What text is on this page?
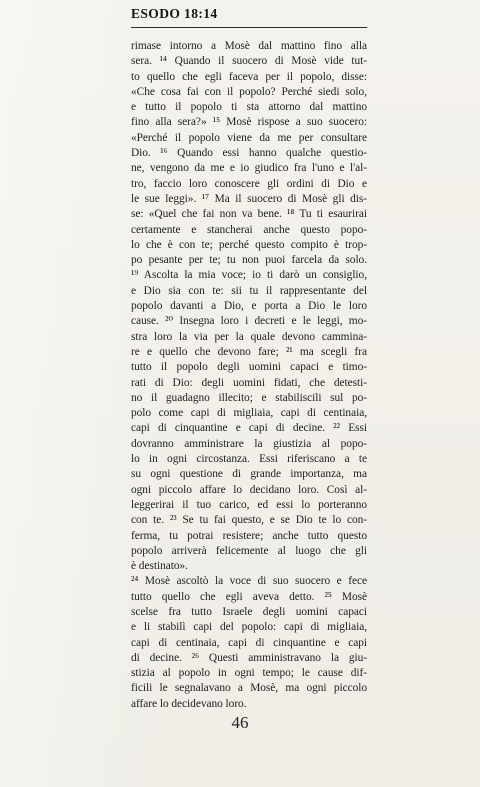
ESODO 18:14
rimase intorno a Mosè dal mattino fino alla
sera. ¹⁴ Quando il suocero di Mosè vide tut-
to quello che egli faceva per il popolo, disse:
«Che cosa fai con il popolo? Perché siedi solo,
e tutto il popolo ti sta attorno dal mattino
fino alla sera?» ¹⁵ Mosè rispose a suo suocero:
«Perché il popolo viene da me per consultare
Dio. ¹⁶ Quando essi hanno qualche questio-
ne, vengono da me e io giudico fra l'uno e l'al-
tro, faccio loro conoscere gli ordini di Dio e
le sue leggi». ¹⁷ Ma il suocero di Mosè gli dis-
se: «Quel che fai non va bene. ¹⁸ Tu ti esaurirai
certamente e stancherai anche questo popo-
lo che è con te; perché questo compito è trop-
po pesante per te; tu non puoi farcela da solo.
¹⁹ Ascolta la mia voce; io ti darò un consiglio,
e Dio sia con te: sii tu il rappresentante del
popolo davanti a Dio, e porta a Dio le loro
cause. ²⁰ Insegna loro i decreti e le leggi, mo-
stra loro la via per la quale devono cammina-
re e quello che devono fare; ²¹ ma scegli fra
tutto il popolo degli uomini capaci e timo-
rati di Dio: degli uomini fidati, che detesti-
no il guadagno illecito; e stabiliscili sul po-
polo come capi di migliaia, capi di centinaia,
capi di cinquantine e capi di decine. ²² Essi
dovranno amministrare la giustizia al popo-
lo in ogni circostanza. Essi riferiscano a te
su ogni questione di grande importanza, ma
ogni piccolo affare lo decidano loro. Così al-
leggerirai il tuo carico, ed essi lo porteranno
con te. ²³ Se tu fai questo, e se Dio te lo con-
ferma, tu potrai resistere; anche tutto questo
popolo arriverà felicemente al luogo che gli
è destinato».
²⁴ Mosè ascoltò la voce di suo suocero e fece
tutto quello che egli aveva detto. ²⁵ Mosè
scelse fra tutto Israele degli uomini capaci
e li stabilì capi del popolo: capi di migliaia,
capi di centinaia, capi di cinquantine e capi
di decine. ²⁶ Questi amministravano la giu-
stizia al popolo in ogni tempo; le cause dif-
ficili le segnalavano a Mosè, ma ogni piccolo
affare lo decidevano loro.
46
